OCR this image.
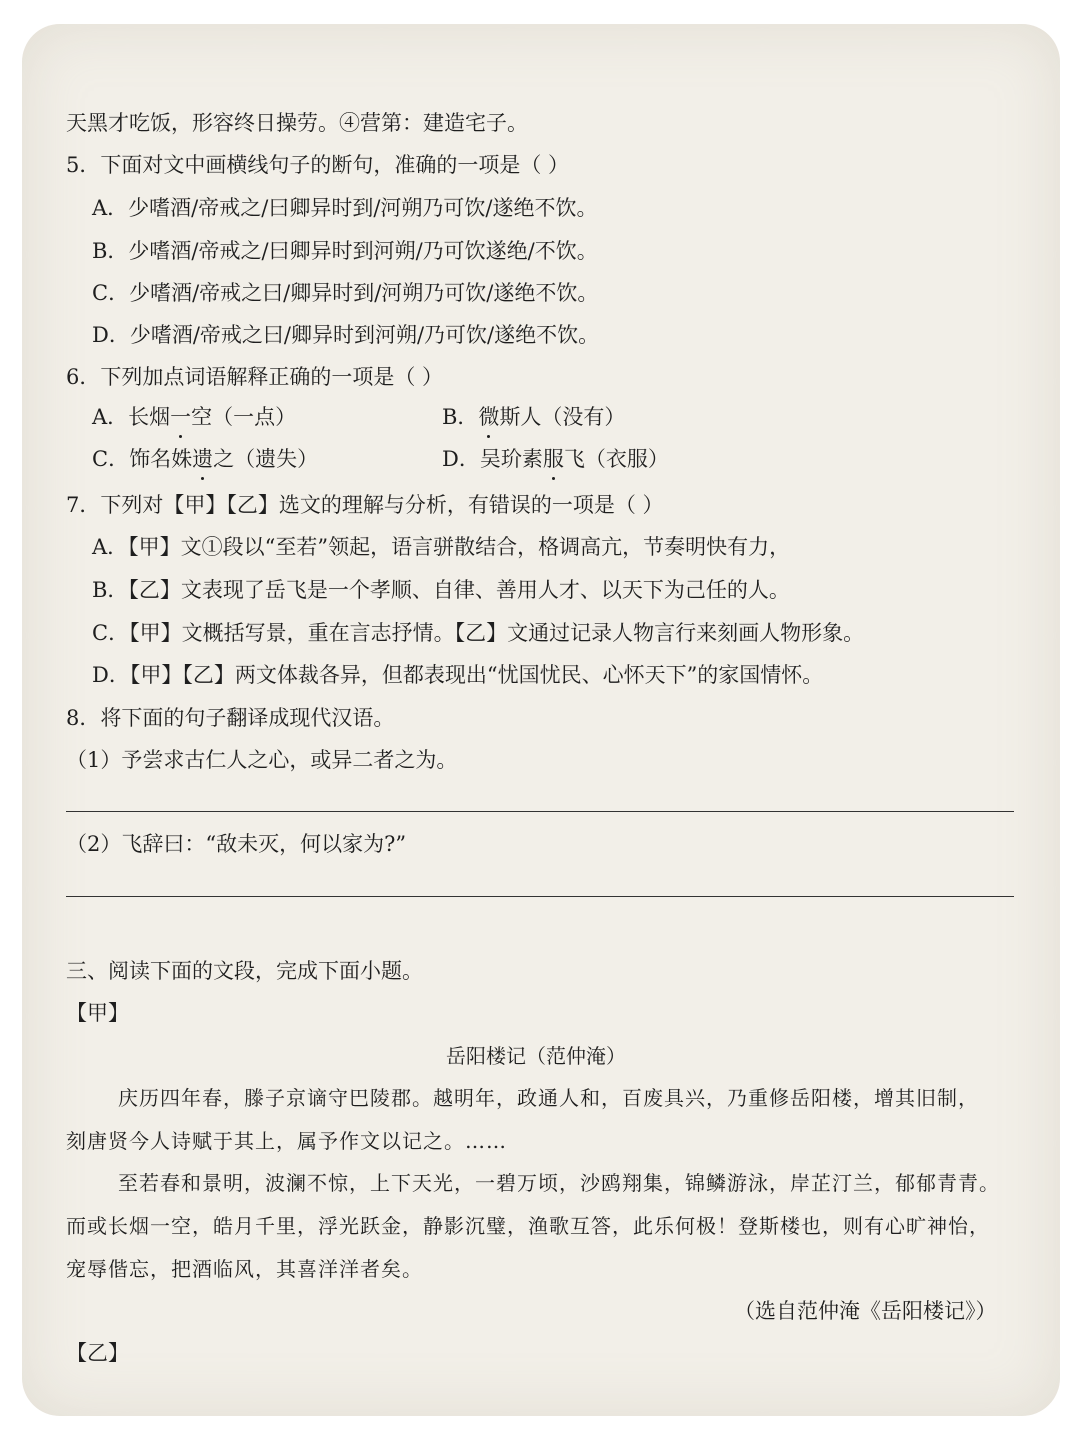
天黑才吃饭，形容终日操劳。④营第：建造宅子。
5．下面对文中画横线句子的断句，准确的一项是（ ）
A．少嗜酒/帝戒之/曰卿异时到/河朔乃可饮/遂绝不饮。
B．少嗜酒/帝戒之/曰卿异时到河朔/乃可饮遂绝/不饮。
C．少嗜酒/帝戒之曰/卿异时到/河朔乃可饮/遂绝不饮。
D．少嗜酒/帝戒之曰/卿异时到河朔/乃可饮/遂绝不饮。
6．下列加点词语解释正确的一项是（ ）
A．长烟一空（一点）	B．微斯人（没有）
C．饰名姝遗之（遗失）	D．吴玠素服飞（衣服）
7．下列对【甲】【乙】选文的理解与分析，有错误的一项是（ ）
A．【甲】文①段以“至若”领起，语言骈散结合，格调高亢，节奏明快有力，
B．【乙】文表现了岳飞是一个孝顺、自律、善用人才、以天下为己任的人。
C．【甲】文概括写景，重在言志抒情。【乙】文通过记录人物言行来刻画人物形象。
D．【甲】【乙】两文体裁各异，但都表现出“忧国忧民、心怀天下”的家国情怀。
8．将下面的句子翻译成现代汉语。
（1）予尝求古仁人之心，或异二者之为。
（2）飞辞曰：“敌未灭，何以家为?”
三、阅读下面的文段，完成下面小题。
【甲】
岳阳楼记（范仲淹）
庆历四年春，滕子京谪守巴陵郡。越明年，政通人和，百废具兴，乃重修岳阳楼，增其旧制，
刻唐贤今人诗赋于其上，属予作文以记之。……
至若春和景明，波澜不惊，上下天光，一碧万顷，沙鸥翔集，锦鳞游泳，岸芷汀兰，郁郁青青。
而或长烟一空，皓月千里，浮光跃金，静影沉璧，渔歌互答，此乐何极！登斯楼也，则有心旷神怡，
宠辱偕忘，把酒临风，其喜洋洋者矣。
（选自范仲淹《岳阳楼记》）
【乙】
